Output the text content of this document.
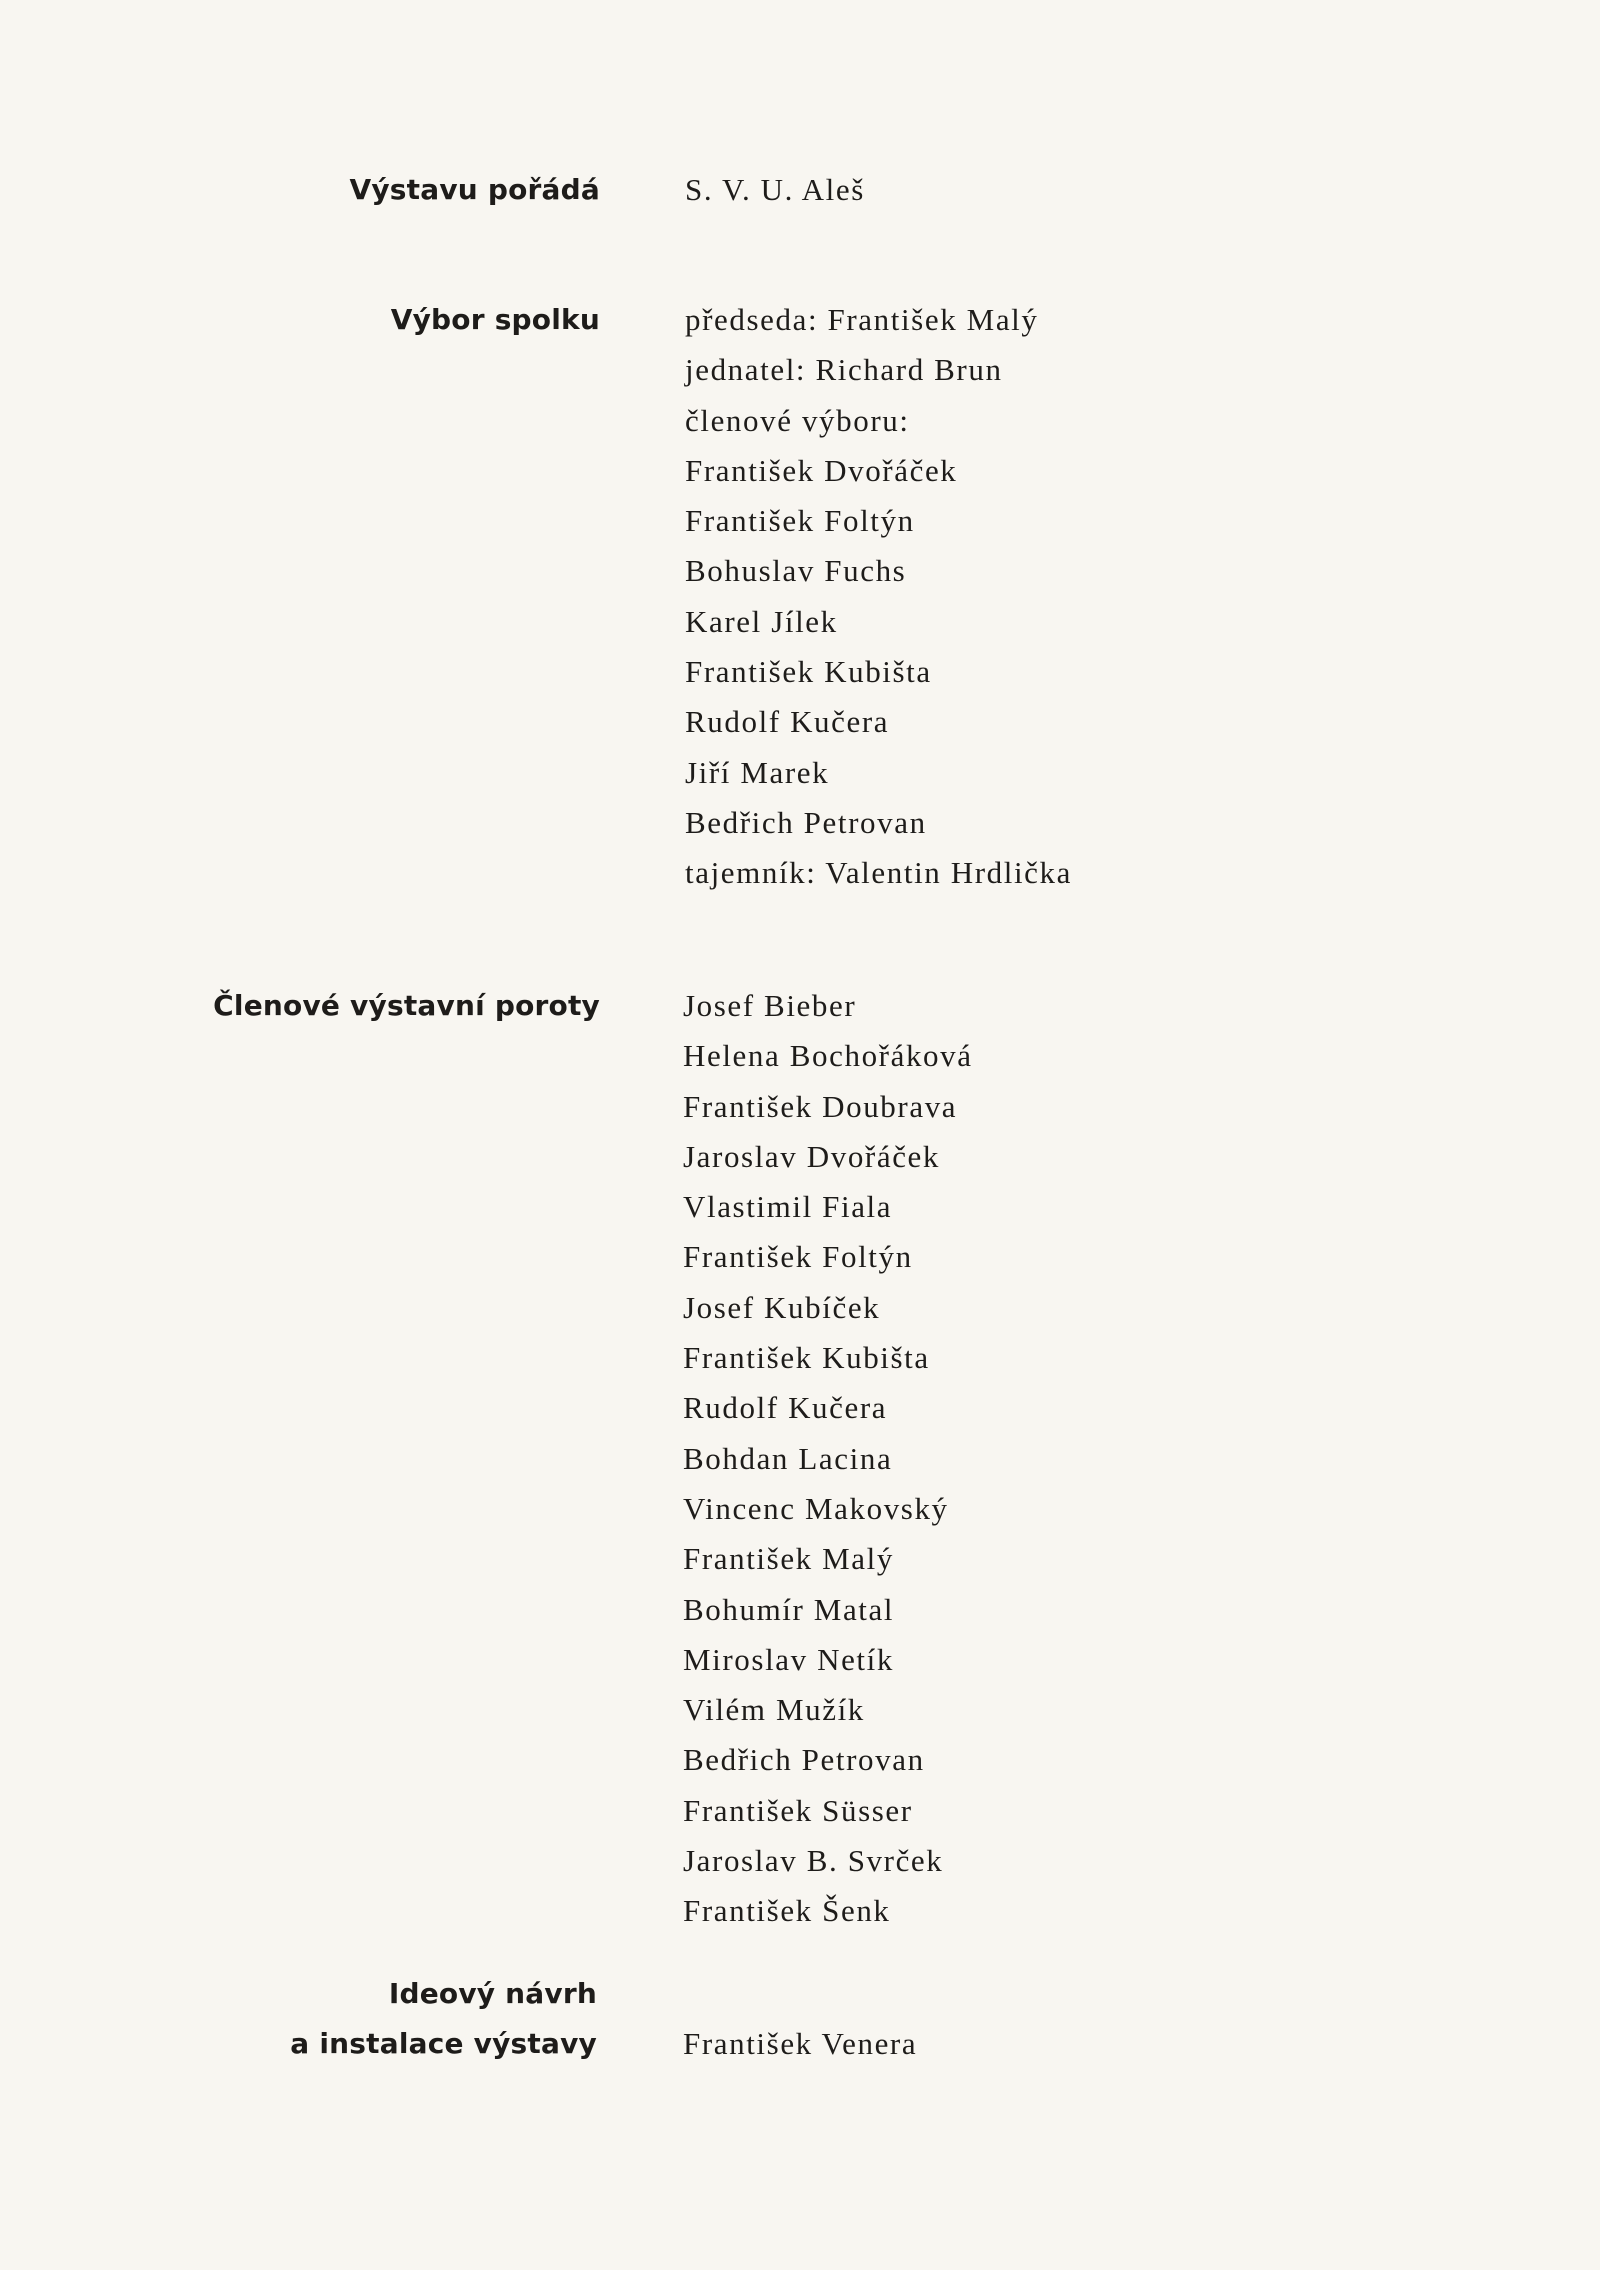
Výstavu pořádá	S. V. U. Aleš
Výbor spolku	předseda: František Malý
jednatel: Richard Brun
členové výboru:
František Dvořáček
František Foltýn
Bohuslav Fuchs
Karel Jílek
František Kubišta
Rudolf Kučera
Jiří Marek
Bedřich Petrovan
tajemník: Valentin Hrdlička
Členové výstavní poroty	Josef Bieber
Helena Bochořáková
František Doubrava
Jaroslav Dvořáček
Vlastimil Fiala
František Foltýn
Josef Kubíček
František Kubišta
Rudolf Kučera
Bohdan Lacina
Vincenc Makovský
František Malý
Bohumír Matal
Miroslav Netík
Vilém Mužík
Bedřich Petrovan
František Süsser
Jaroslav B. Svrček
František Šenk
Ideový návrh
a instalace výstavy	František Venera
